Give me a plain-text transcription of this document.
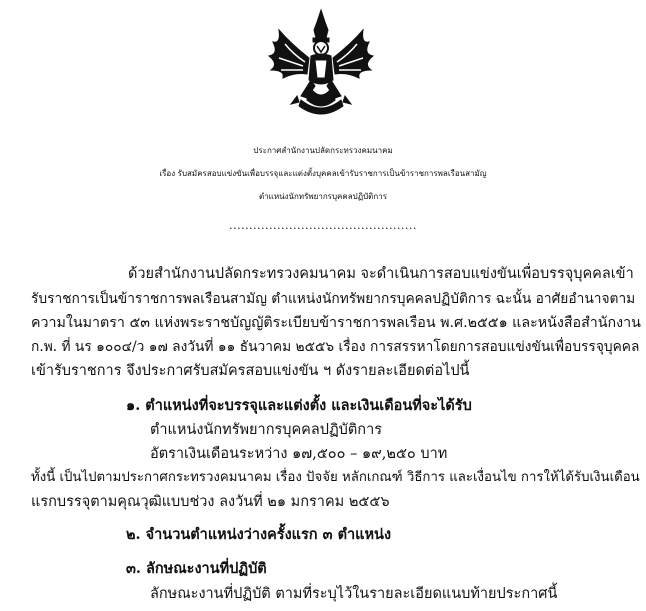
ประกาศสำนักงานปลัดกระทรวงคมนาคม
เรื่อง รับสมัครสอบแข่งขันเพื่อบรรจุและแต่งตั้งบุคคลเข้ารับราชการเป็นข้าราชการพลเรือนสามัญ
ตำแหน่งนักทรัพยากรบุคคลปฏิบัติการ
...............................................
ด้วยสำนักงานปลัดกระทรวงคมนาคม จะดำเนินการสอบแข่งขันเพื่อบรรจุบุคคลเข้า
รับราชการเป็นข้าราชการพลเรือนสามัญ ตำแหน่งนักทรัพยากรบุคคลปฏิบัติการ ฉะนั้น อาศัยอำนาจตาม
ความในมาตรา ๕๓ แห่งพระราชบัญญัติระเบียบข้าราชการพลเรือน พ.ศ.๒๕๕๑ และหนังสือสำนักงาน
ก.พ. ที่ นร ๑๐๐๔/ว ๑๗ ลงวันที่ ๑๑ ธันวาคม ๒๕๕๖ เรื่อง การสรรหาโดยการสอบแข่งขันเพื่อบรรจุบุคคล
เข้ารับราชการ จึงประกาศรับสมัครสอบแข่งขัน ฯ ดังรายละเอียดต่อไปนี้
๑. ตำแหน่งที่จะบรรจุและแต่งตั้ง และเงินเดือนที่จะได้รับ
ตำแหน่งนักทรัพยากรบุคคลปฏิบัติการ
อัตราเงินเดือนระหว่าง ๑๗,๕๐๐ – ๑๙,๒๕๐ บาท
ทั้งนี้ เป็นไปตามประกาศกระทรวงคมนาคม เรื่อง ปัจจัย หลักเกณฑ์ วิธีการ และเงื่อนไข การให้ได้รับเงินเดือน
แรกบรรจุตามคุณวุฒิแบบช่วง ลงวันที่ ๒๑ มกราคม ๒๕๕๖
๒. จำนวนตำแหน่งว่างครั้งแรก ๓ ตำแหน่ง
๓. ลักษณะงานที่ปฏิบัติ
ลักษณะงานที่ปฏิบัติ ตามที่ระบุไว้ในรายละเอียดแนบท้ายประกาศนี้
